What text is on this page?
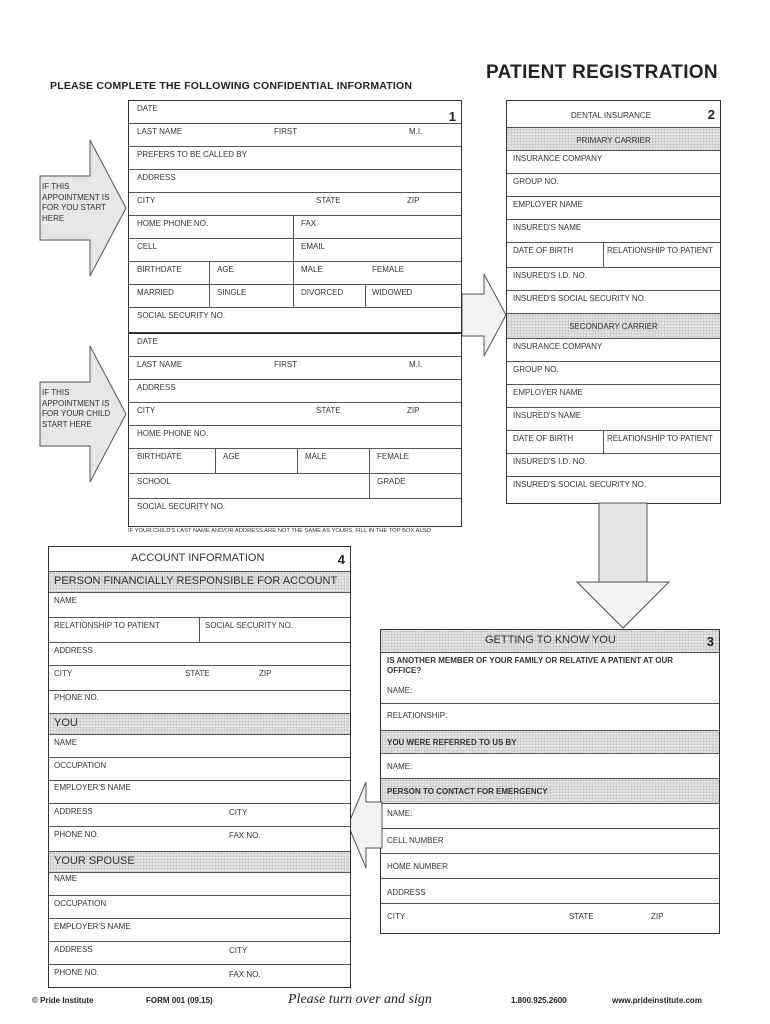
PLEASE COMPLETE THE FOLLOWING CONFIDENTIAL INFORMATION
PATIENT REGISTRATION
1
DATE
LAST NAME	FIRST	M.I.
PREFERS TO BE CALLED BY
ADDRESS
CITY	STATE	ZIP
HOME PHONE NO.	FAX
CELL	EMAIL
BIRTHDATE	AGE	MALE	FEMALE
MARRIED	SINGLE	DIVORCED	WIDOWED
SOCIAL SECURITY NO.
DATE
LAST NAME	FIRST	M.I.
ADDRESS
CITY	STATE	ZIP
HOME PHONE NO.
BIRTHDATE	AGE	MALE	FEMALE
SCHOOL	GRADE
SOCIAL SECURITY NO.
IF YOUR CHILD'S LAST NAME AND/OR ADDRESS ARE NOT THE SAME AS YOURS, FILL IN THE TOP BOX ALSO
IF THIS APPOINTMENT IS FOR YOU START HERE
IF THIS APPOINTMENT IS FOR YOUR CHILD START HERE
DENTAL INSURANCE	2
PRIMARY CARRIER
INSURANCE COMPANY
GROUP NO.
EMPLOYER NAME
INSURED'S NAME
DATE OF BIRTH	RELATIONSHIP TO PATIENT
INSURED'S I.D. NO.
INSURED'S SOCIAL SECURITY NO.
SECONDARY CARRIER
INSURANCE COMPANY
GROUP NO.
EMPLOYER NAME
INSURED'S NAME
DATE OF BIRTH	RELATIONSHIP TO PATIENT
INSURED'S I.D. NO.
INSURED'S SOCIAL SECURITY NO.
GETTING TO KNOW YOU	3
IS ANOTHER MEMBER OF YOUR FAMILY OR RELATIVE A PATIENT AT OUR OFFICE?
NAME:
RELATIONSHIP:
YOU WERE REFERRED TO US BY
NAME:
PERSON TO CONTACT FOR EMERGENCY
NAME:
CELL NUMBER
HOME NUMBER
ADDRESS
CITY	STATE	ZIP
ACCOUNT INFORMATION	4
PERSON FINANCIALLY RESPONSIBLE FOR ACCOUNT
NAME
RELATIONSHIP TO PATIENT	SOCIAL SECURITY NO.
ADDRESS
CITY	STATE	ZIP
PHONE NO.
YOU
NAME
OCCUPATION
EMPLOYER'S NAME
ADDRESS	CITY
PHONE NO.	FAX NO.
YOUR SPOUSE
NAME
OCCUPATION
EMPLOYER'S NAME
ADDRESS	CITY
PHONE NO.	FAX NO.
© Pride Institute	FORM 001 (09.15)	Please turn over and sign	1.800.925.2600	www.prideinstitute.com
